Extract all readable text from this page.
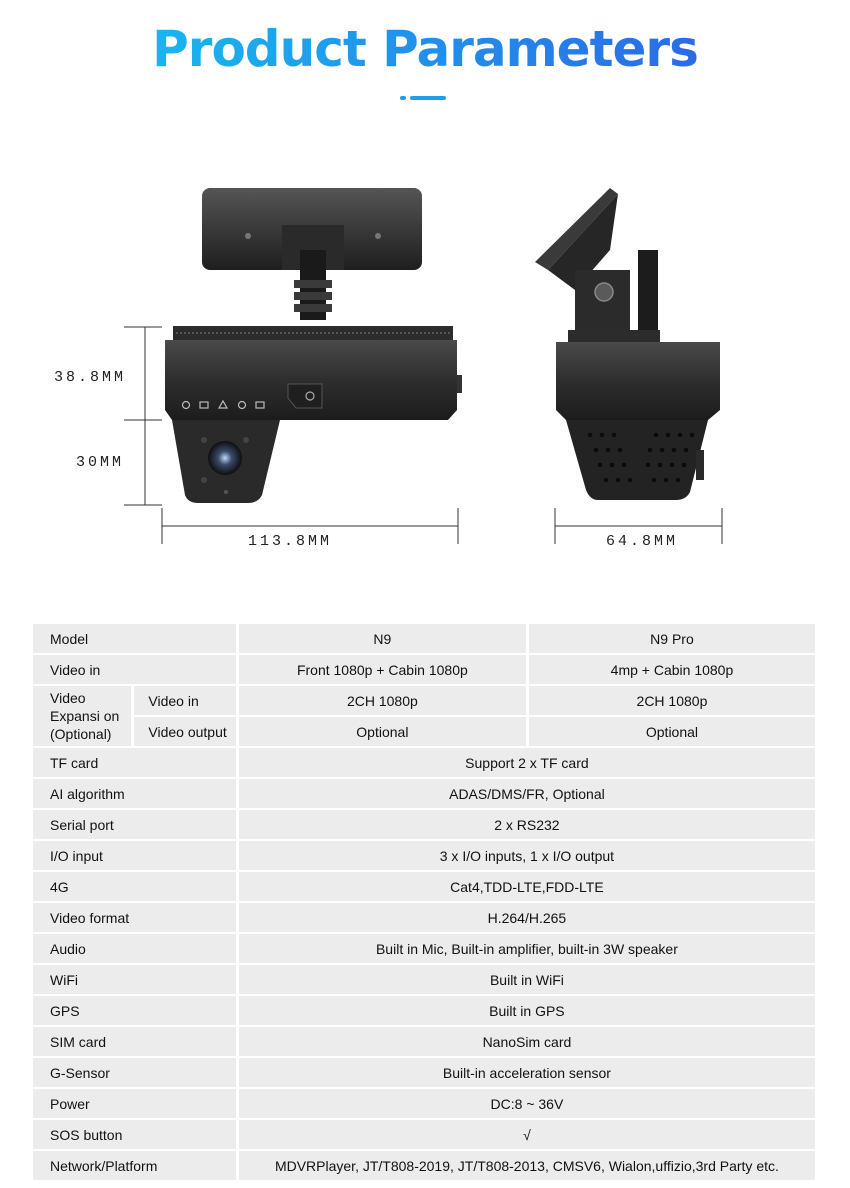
Product Parameters
38.8MM
30MM
113.8MM	64.8MM
Model		N9	N9 Pro
Video in		Front 1080p + Cabin 1080p	4mp + Cabin 1080p
Video Expansi on (Optional)	Video in	2CH 1080p	2CH 1080p
	Video output	Optional	Optional
TF card		Support 2 x TF card	
AI algorithm		ADAS/DMS/FR, Optional	
Serial port		2 x RS232	
I/O input		3 x I/O inputs, 1 x I/O output	
4G		Cat4,TDD-LTE,FDD-LTE	
Video format		H.264/H.265	
Audio		Built in Mic, Built-in amplifier, built-in 3W speaker	
WiFi		Built in WiFi	
GPS		Built in GPS	
SIM card		NanoSim card	
G-Sensor		Built-in acceleration sensor	
Power		DC:8 ~ 36V	
SOS button		√	
Network/Platform		MDVRPlayer, JT/T808-2019, JT/T808-2013, CMSV6, Wialon,uffizio,3rd Party etc.	
